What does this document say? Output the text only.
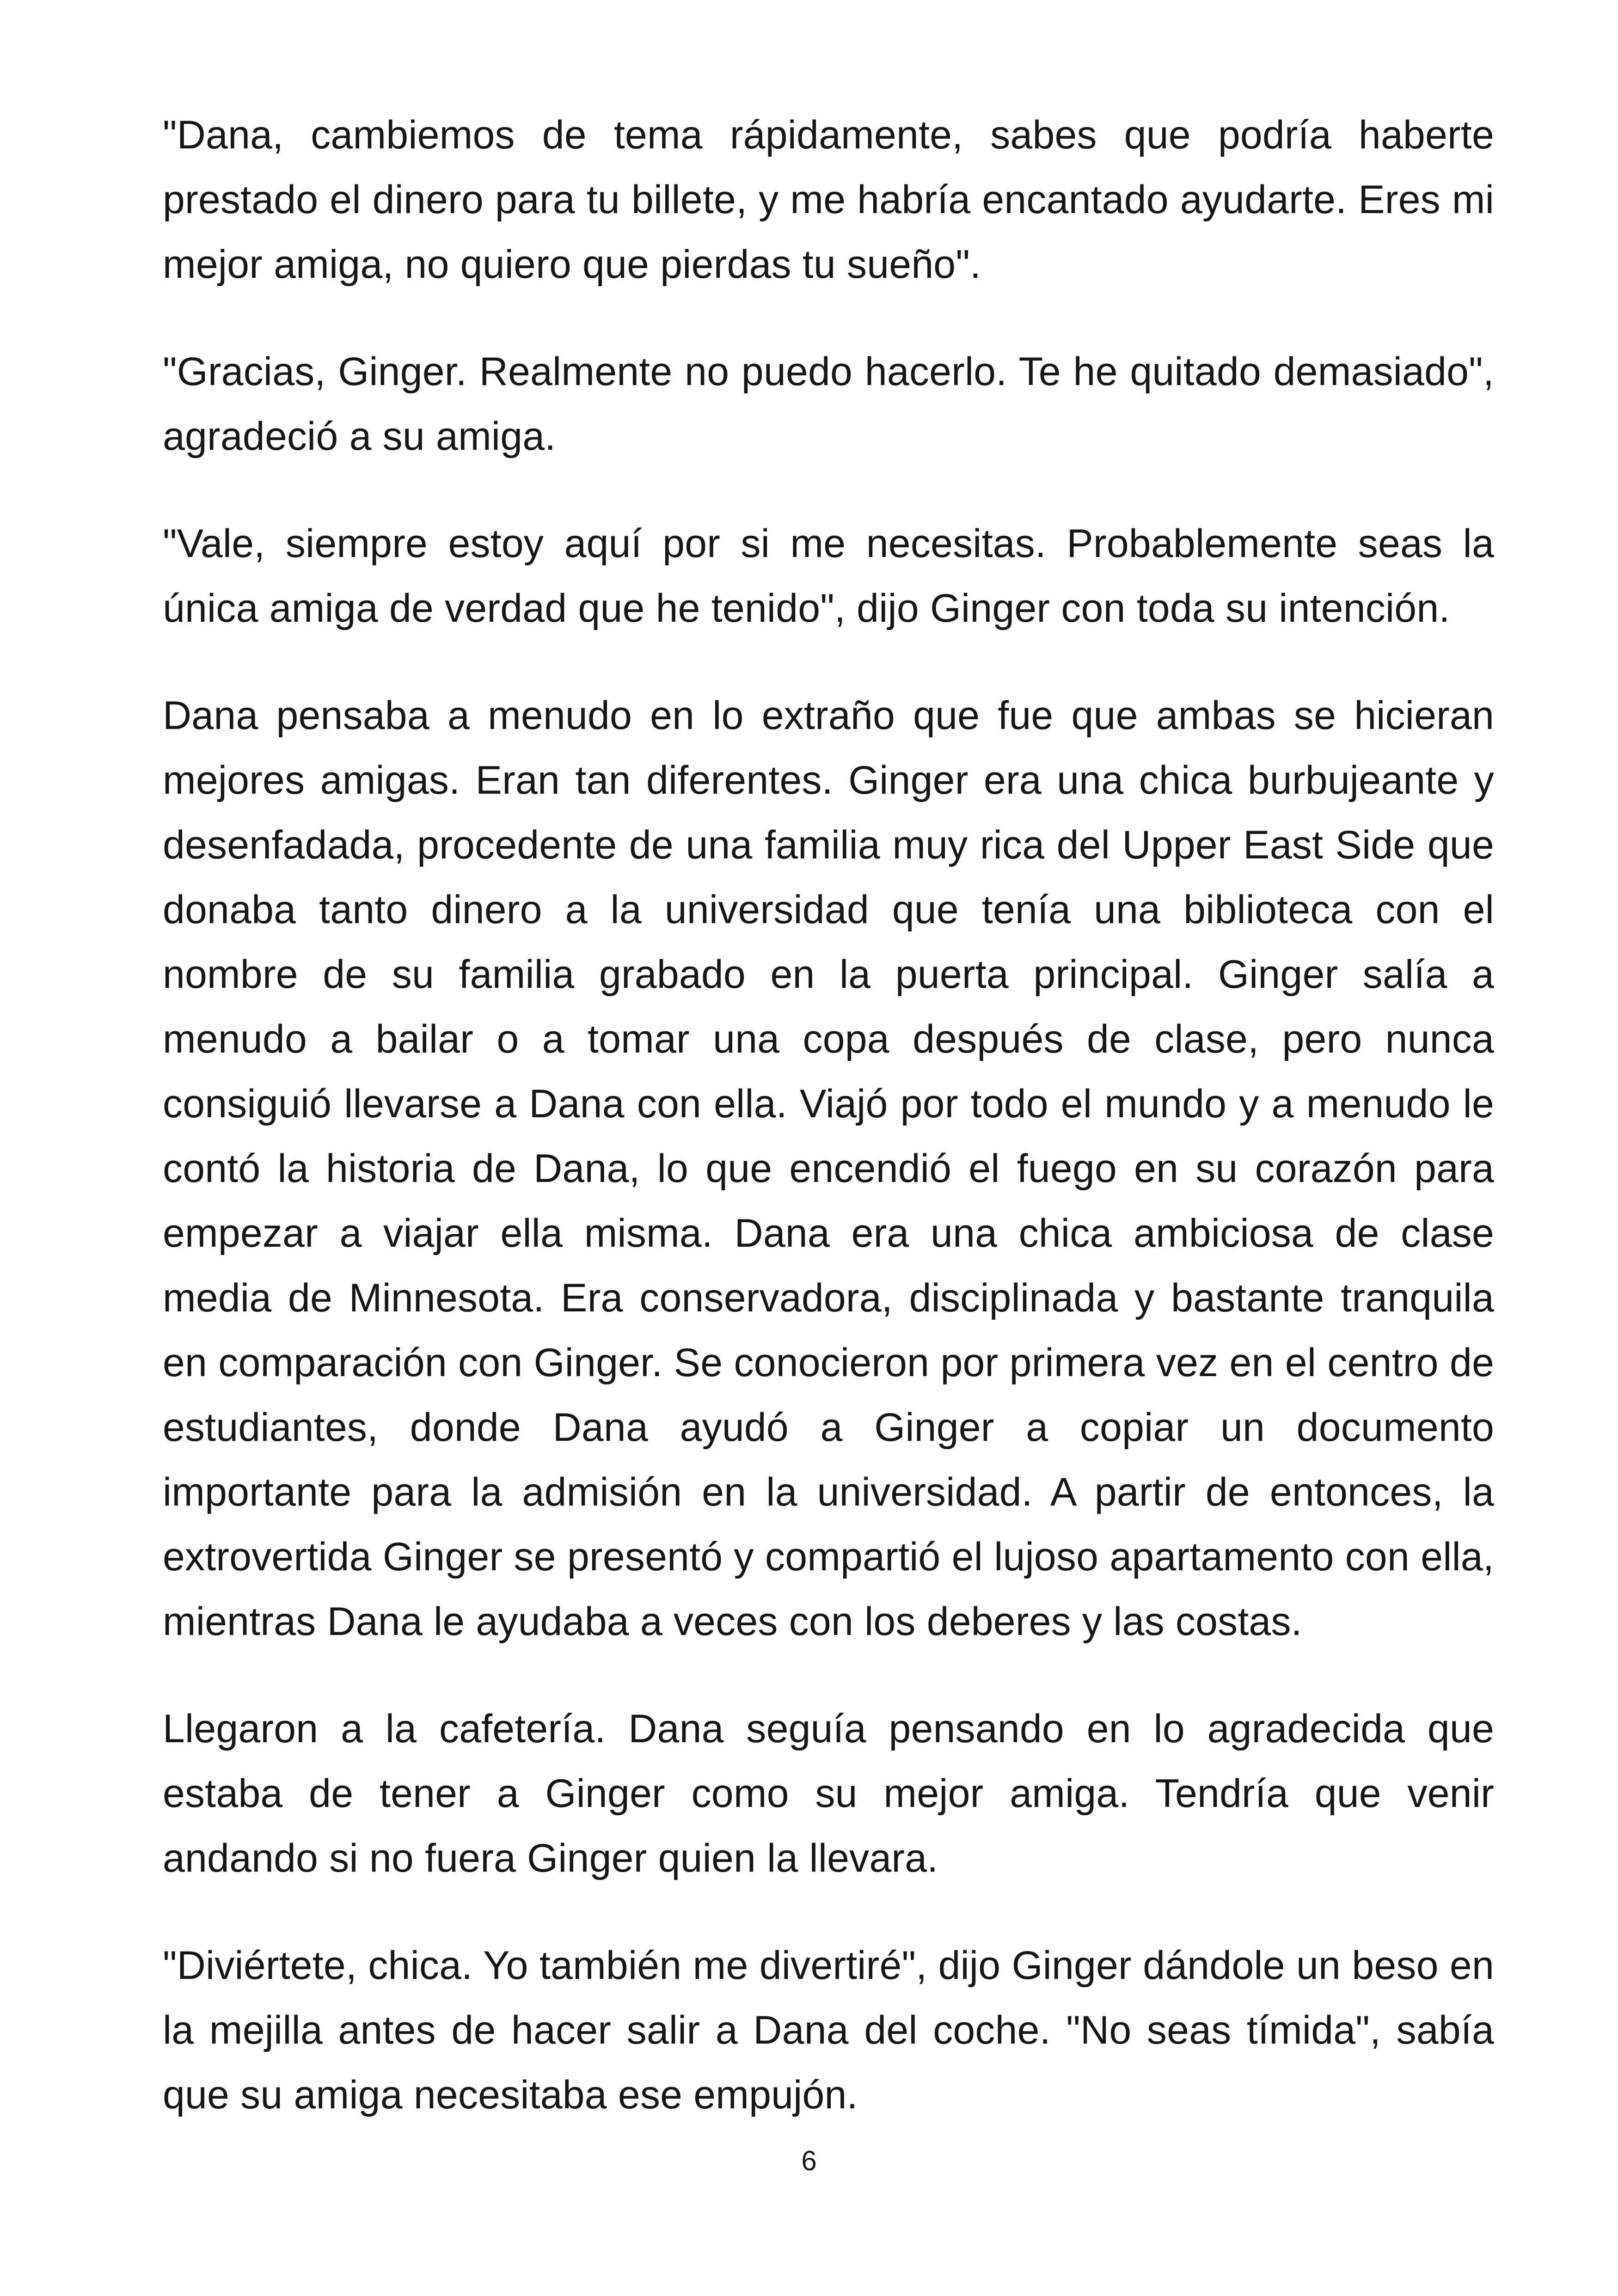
"Dana, cambiemos de tema rápidamente, sabes que podría haberte prestado el dinero para tu billete, y me habría encantado ayudarte. Eres mi mejor amiga, no quiero que pierdas tu sueño".

"Gracias, Ginger. Realmente no puedo hacerlo. Te he quitado demasiado", agradeció a su amiga.

"Vale, siempre estoy aquí por si me necesitas. Probablemente seas la única amiga de verdad que he tenido", dijo Ginger con toda su intención.

Dana pensaba a menudo en lo extraño que fue que ambas se hicieran mejores amigas. Eran tan diferentes. Ginger era una chica burbujeante y desenfadada, procedente de una familia muy rica del Upper East Side que donaba tanto dinero a la universidad que tenía una biblioteca con el nombre de su familia grabado en la puerta principal. Ginger salía a menudo a bailar o a tomar una copa después de clase, pero nunca consiguió llevarse a Dana con ella. Viajó por todo el mundo y a menudo le contó la historia de Dana, lo que encendió el fuego en su corazón para empezar a viajar ella misma. Dana era una chica ambiciosa de clase media de Minnesota. Era conservadora, disciplinada y bastante tranquila en comparación con Ginger. Se conocieron por primera vez en el centro de estudiantes, donde Dana ayudó a Ginger a copiar un documento importante para la admisión en la universidad. A partir de entonces, la extrovertida Ginger se presentó y compartió el lujoso apartamento con ella, mientras Dana le ayudaba a veces con los deberes y las costas.

Llegaron a la cafetería. Dana seguía pensando en lo agradecida que estaba de tener a Ginger como su mejor amiga. Tendría que venir andando si no fuera Ginger quien la llevara.

"Diviértete, chica. Yo también me divertiré", dijo Ginger dándole un beso en la mejilla antes de hacer salir a Dana del coche. "No seas tímida", sabía que su amiga necesitaba ese empujón.

6
